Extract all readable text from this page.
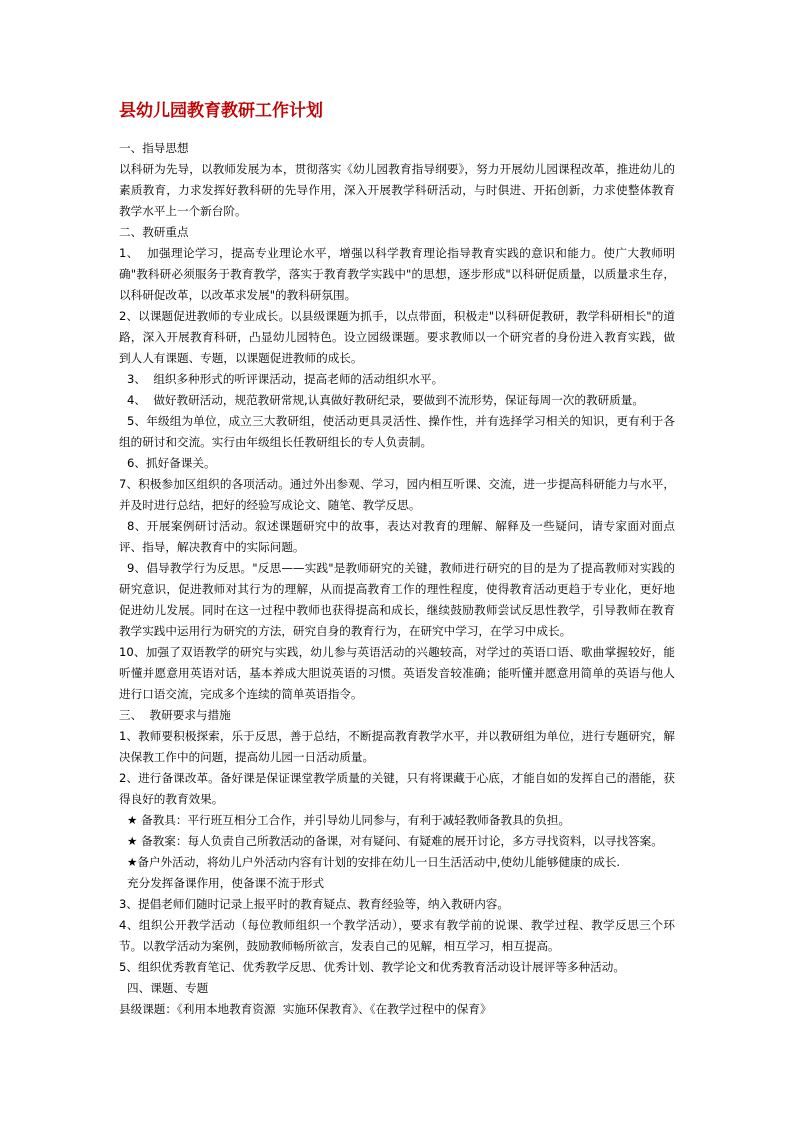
县幼儿园教育教研工作计划

一、指导思想

以科研为先导，以教师发展为本，贯彻落实《幼儿园教育指导纲要》，努力开展幼儿园课程改革，推进幼儿的素质教育，力求发挥好教科研的先导作用，深入开展教学科研活动，与时俱进、开拓创新，力求使整体教育教学水平上一个新台阶。

二、教研重点

1、  加强理论学习，提高专业理论水平，增强以科学教育理论指导教育实践的意识和能力。使广大教师明确"教科研必须服务于教育教学，落实于教育教学实践中"的思想，逐步形成"以科研促质量，以质量求生存，以科研促改革，以改革求发展"的教科研氛围。

2、以课题促进教师的专业成长。以县级课题为抓手，以点带面，积极走"以科研促教研，教学科研相长"的道路，深入开展教育科研，凸显幼儿园特色。设立园级课题。要求教师以一个研究者的身份进入教育实践，做到人人有课题、专题，以课题促进教师的成长。

3、  组织多种形式的听评课活动，提高老师的活动组织水平。

4、  做好教研活动，规范教研常规,认真做好教研纪录，要做到不流形势，保证每周一次的教研质量。

5、年级组为单位，成立三大教研组，使活动更具灵活性、操作性，并有选择学习相关的知识，更有利于各组的研讨和交流。实行由年级组长任教研组长的专人负责制。

6、抓好备课关。

7、积极参加区组织的各项活动。通过外出参观、学习，园内相互听课、交流，进一步提高科研能力与水平，并及时进行总结，把好的经验写成论文、随笔、教学反思。

8、开展案例研讨活动。叙述课题研究中的故事，表达对教育的理解、解释及一些疑问，请专家面对面点评、指导，解决教育中的实际问题。

9、倡导教学行为反思。"反思——实践"是教师研究的关键，教师进行研究的目的是为了提高教师对实践的研究意识，促进教师对其行为的理解，从而提高教育工作的理性程度，使得教育活动更趋于专业化，更好地促进幼儿发展。同时在这一过程中教师也获得提高和成长，继续鼓励教师尝试反思性教学，引导教师在教育教学实践中运用行为研究的方法，研究自身的教育行为，在研究中学习，在学习中成长。

10、加强了双语教学的研究与实践，幼儿参与英语活动的兴趣较高，对学过的英语口语、歌曲掌握较好，能听懂并愿意用英语对话，基本养成大胆说英语的习惯。英语发音较准确；能听懂并愿意用简单的英语与他人进行口语交流，完成多个连续的简单英语指令。

三、  教研要求与措施

1、教师要积极探索，乐于反思，善于总结，不断提高教育教学水平，并以教研组为单位，进行专题研究，解决保教工作中的问题，提高幼儿园一日活动质量。

2、进行备课改革。备好课是保证课堂教学质量的关键，只有将课藏于心底，才能自如的发挥自己的潜能，获得良好的教育效果。

★ 备教具：平行班互相分工合作，并引导幼儿同参与，有利于减轻教师备教具的负担。

★ 备教案：每人负责自己所教活动的备课，对有疑问、有疑难的展开讨论，多方寻找资料，以寻找答案。

★备户外活动，将幼儿户外活动内容有计划的安排在幼儿一日生活活动中,使幼儿能够健康的成长.

充分发挥备课作用，使备课不流于形式

3、提倡老师们随时记录上报平时的教育疑点、教育经验等，纳入教研内容。

4、组织公开教学活动（每位教师组织一个教学活动），要求有教学前的说课、教学过程、教学反思三个环节。以教学活动为案例，鼓励教师畅所欲言，发表自己的见解，相互学习，相互提高。

5、组织优秀教育笔记、优秀教学反思、优秀计划、教学论文和优秀教育活动设计展评等多种活动。

四、课题、专题

县级课题：《利用本地教育资源  实施环保教育》、《在教学过程中的保育》
